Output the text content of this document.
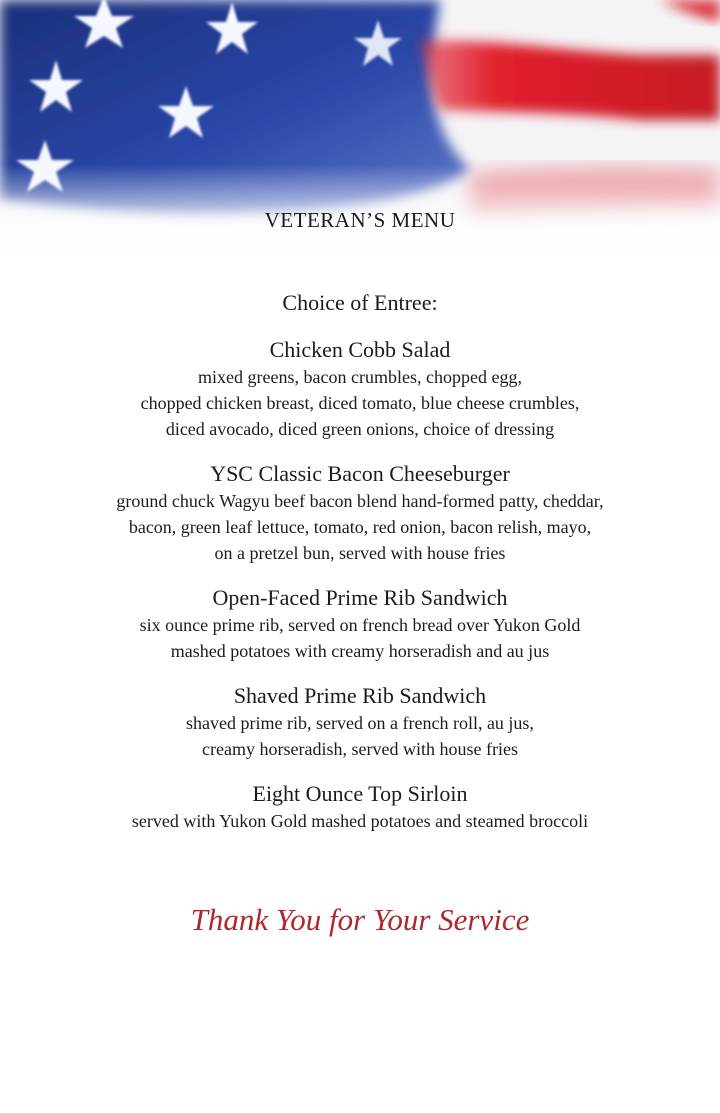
VETERAN’S MENU
Choice of Entree:
Chicken Cobb Salad
mixed greens, bacon crumbles, chopped egg,
chopped chicken breast, diced tomato, blue cheese crumbles,
diced avocado, diced green onions, choice of dressing
YSC Classic Bacon Cheeseburger
ground chuck Wagyu beef bacon blend hand-formed patty, cheddar,
bacon, green leaf lettuce, tomato, red onion, bacon relish, mayo,
on a pretzel bun, served with house fries
Open-Faced Prime Rib Sandwich
six ounce prime rib, served on french bread over Yukon Gold
mashed potatoes with creamy horseradish and au jus
Shaved Prime Rib Sandwich
shaved prime rib, served on a french roll, au jus,
creamy horseradish, served with house fries
Eight Ounce Top Sirloin
served with Yukon Gold mashed potatoes and steamed broccoli
Thank You for Your Service
